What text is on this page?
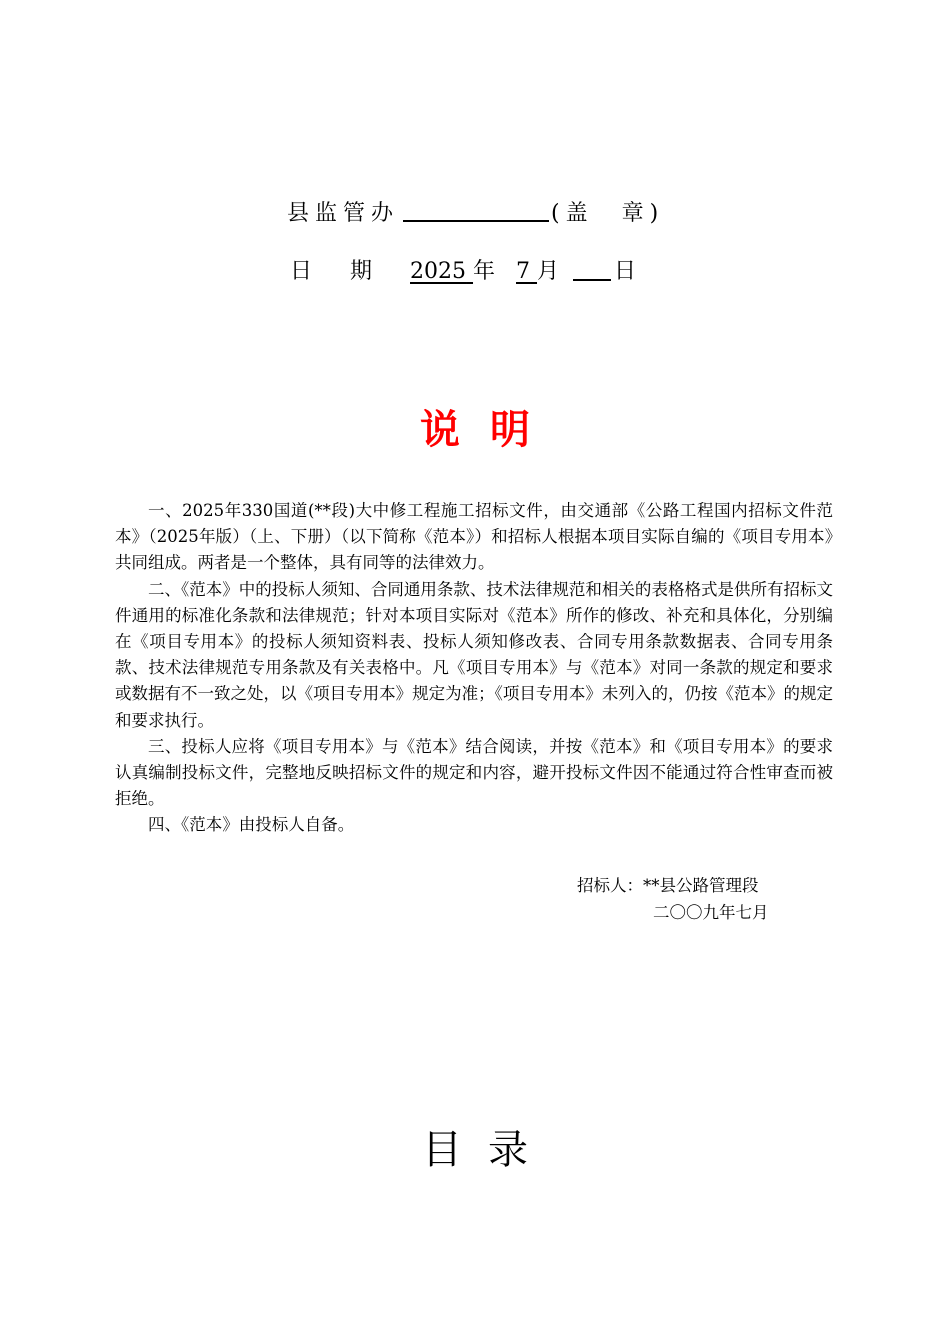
县监管办	(盖　章)
日期2025 年 7 月	日
说明

一、2025年330国道(**段)大中修工程施工招标文件，由交通部《公路工程国内招标文件范本》（2025年版）（上、下册）（以下简称《范本》）和招标人根据本项目实际自编的《项目专用本》共同组成。两者是一个整体，具有同等的法律效力。

二、《范本》中的投标人须知、合同通用条款、技术法律规范和相关的表格格式是供所有招标文件通用的标准化条款和法律规范；针对本项目实际对《范本》所作的修改、补充和具体化，分别编在《项目专用本》的投标人须知资料表、投标人须知修改表、合同专用条款数据表、合同专用条款、技术法律规范专用条款及有关表格中。凡《项目专用本》与《范本》对同一条款的规定和要求或数据有不一致之处，以《项目专用本》规定为准；《项目专用本》未列入的，仍按《范本》的规定和要求执行。

三、投标人应将《项目专用本》与《范本》结合阅读，并按《范本》和《项目专用本》的要求认真编制投标文件，完整地反映招标文件的规定和内容，避开投标文件因不能通过符合性审查而被拒绝。

四、《范本》由投标人自备。

招标人：**县公路管理段
二〇〇九年七月
目录
